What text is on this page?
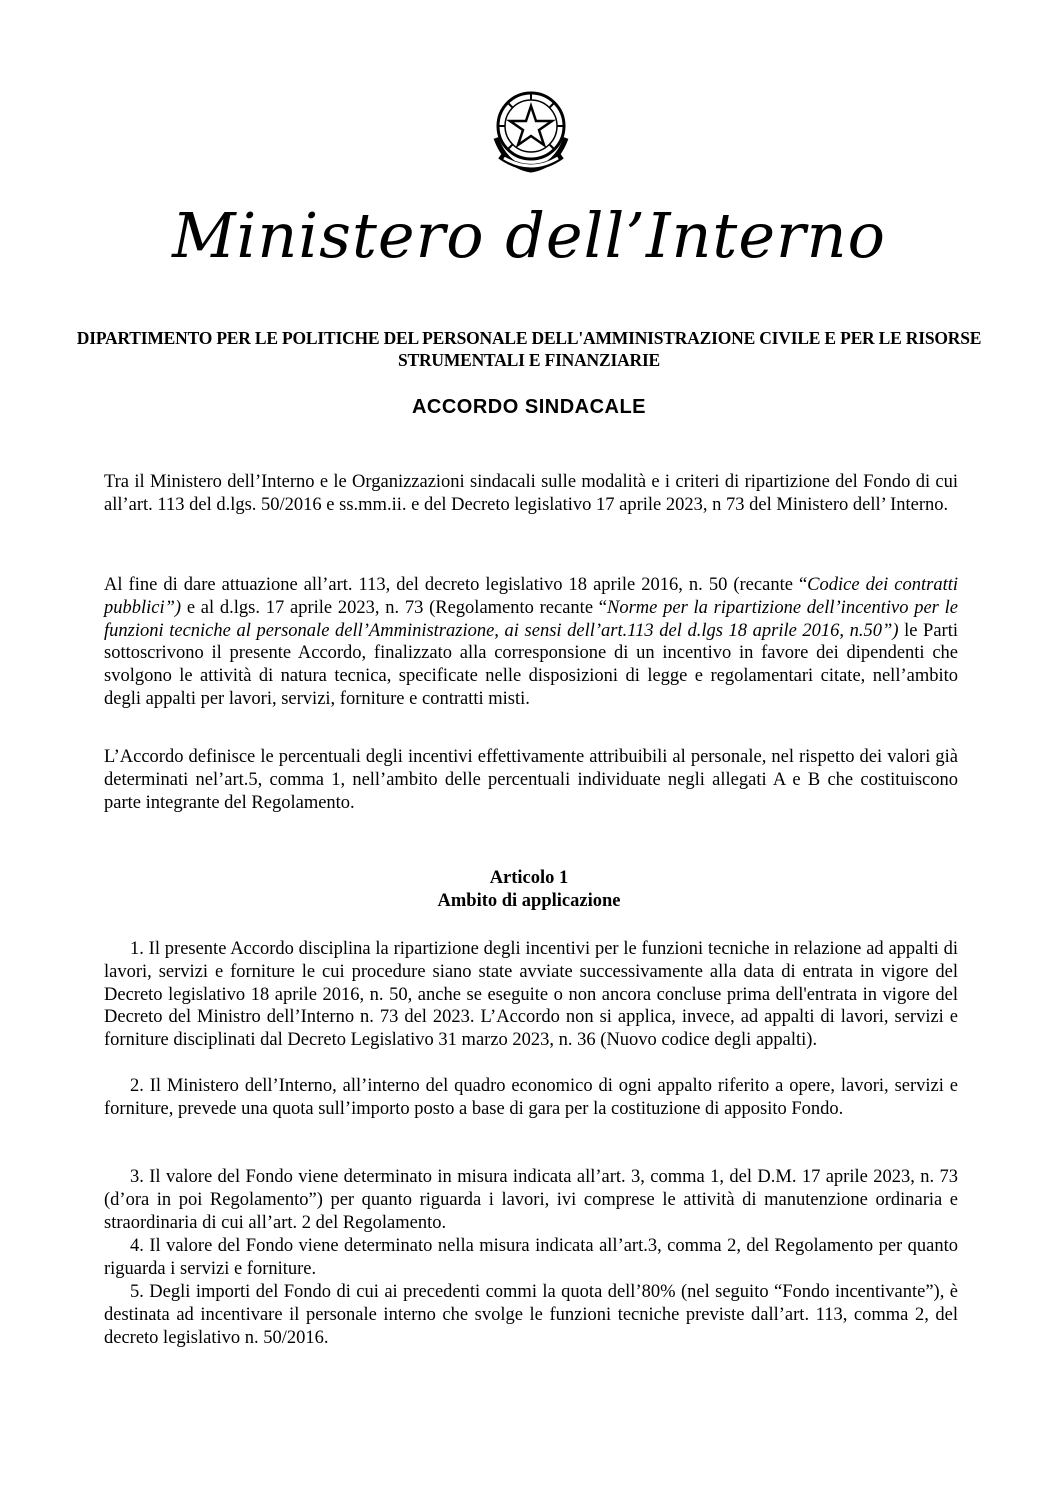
Ministero dell’Interno
DIPARTIMENTO PER LE POLITICHE DEL PERSONALE DELL'AMMINISTRAZIONE CIVILE E PER LE RISORSE STRUMENTALI E FINANZIARIE
ACCORDO SINDACALE
Tra il Ministero dell’Interno e le Organizzazioni sindacali sulle modalità e i criteri di ripartizione del Fondo di cui all’art. 113 del d.lgs. 50/2016 e ss.mm.ii. e del Decreto legislativo 17 aprile 2023, n 73 del Ministero dell’ Interno.
Al fine di dare attuazione all’art. 113, del decreto legislativo 18 aprile 2016, n. 50 (recante “Codice dei contratti pubblici”) e al d.lgs. 17 aprile 2023, n. 73 (Regolamento recante “Norme per la ripartizione dell’incentivo per le funzioni tecniche al personale dell’Amministrazione, ai sensi dell’art.113 del d.lgs 18 aprile 2016, n.50”) le Parti sottoscrivono il presente Accordo, finalizzato alla corresponsione di un incentivo in favore dei dipendenti che svolgono le attività di natura tecnica, specificate nelle disposizioni di legge e regolamentari citate, nell’ambito degli appalti per lavori, servizi, forniture e contratti misti.
L’Accordo definisce le percentuali degli incentivi effettivamente attribuibili al personale, nel rispetto dei valori già determinati nel’art.5, comma 1, nell’ambito delle percentuali individuate negli allegati A e B che costituiscono parte integrante del Regolamento.
Articolo 1
Ambito di applicazione
1. Il presente Accordo disciplina la ripartizione degli incentivi per le funzioni tecniche in relazione ad appalti di lavori, servizi e forniture le cui procedure siano state avviate successivamente alla data di entrata in vigore del Decreto legislativo 18 aprile 2016, n. 50, anche se eseguite o non ancora concluse prima dell'entrata in vigore del Decreto del Ministro dell’Interno n. 73 del 2023. L’Accordo non si applica, invece, ad appalti di lavori, servizi e forniture disciplinati dal Decreto Legislativo 31 marzo 2023, n. 36 (Nuovo codice degli appalti).
2. Il Ministero dell’Interno, all’interno del quadro economico di ogni appalto riferito a opere, lavori, servizi e forniture, prevede una quota sull’importo posto a base di gara per la costituzione di apposito Fondo.
3. Il valore del Fondo viene determinato in misura indicata all’art. 3, comma 1, del D.M. 17 aprile 2023, n. 73 (d’ora in poi Regolamento”) per quanto riguarda i lavori, ivi comprese le attività di manutenzione ordinaria e straordinaria di cui all’art. 2 del Regolamento.
4. Il valore del Fondo viene determinato nella misura indicata all’art.3, comma 2, del Regolamento per quanto riguarda i servizi e forniture.
5. Degli importi del Fondo di cui ai precedenti commi la quota dell’80% (nel seguito “Fondo incentivante”), è destinata ad incentivare il personale interno che svolge le funzioni tecniche previste dall’art. 113, comma 2, del decreto legislativo n. 50/2016.
